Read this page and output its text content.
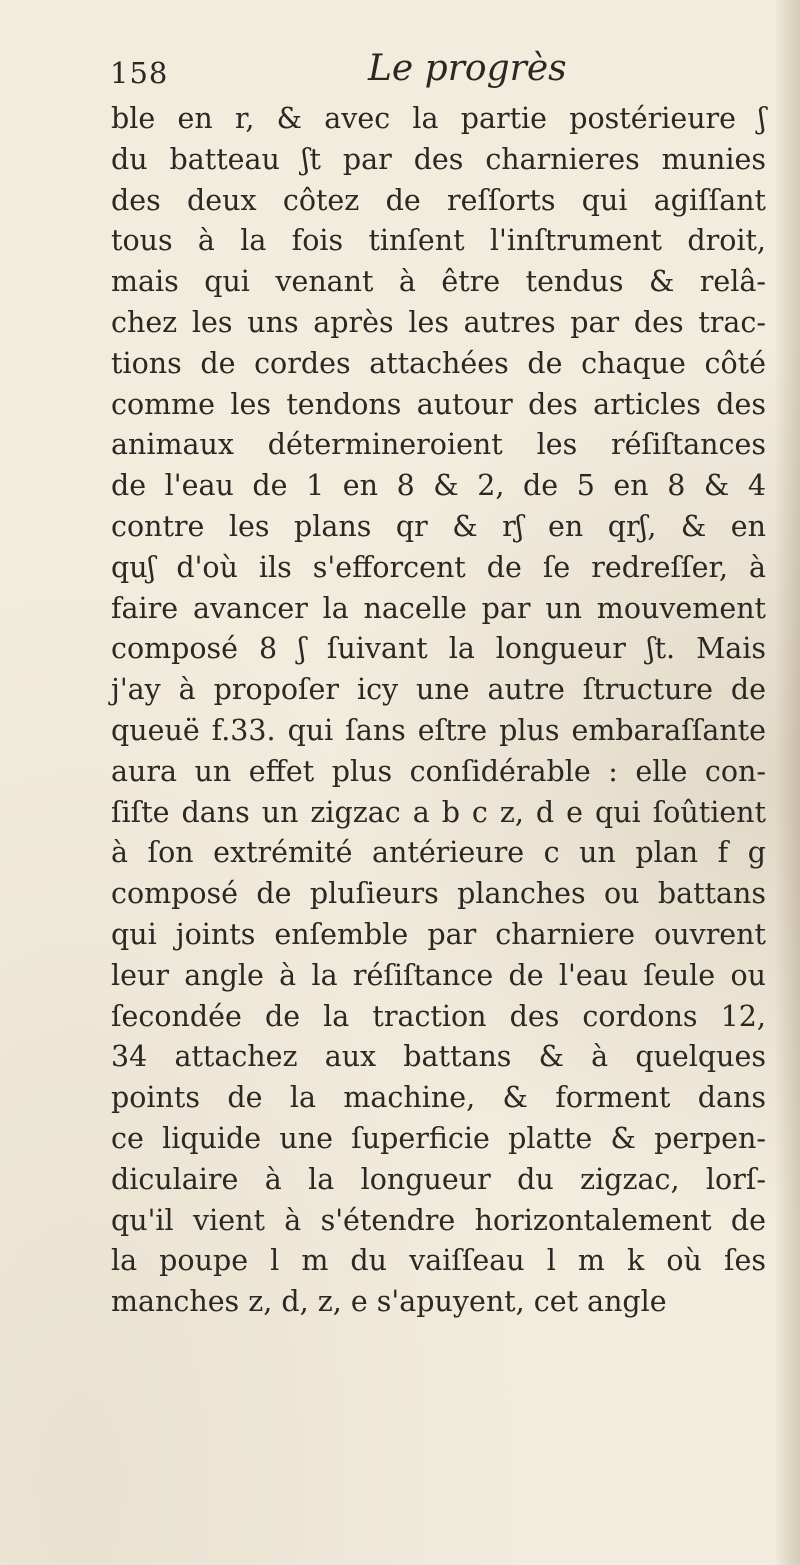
158	Le progrès
ble en r, & avec la partie postérieure ʃ
du batteau ʃt par des charnieres munies
des deux côtez de reſſorts qui agiſſant
tous à la fois tinſent l'inſtrument droit,
mais qui venant à être tendus & relâ-
chez les uns après les autres par des trac-
tions de cordes attachées de chaque côté
comme les tendons autour des articles des
animaux détermineroient les réſiſtances
de l'eau de 1 en 8 & 2, de 5 en 8 & 4
contre les plans qr & rʃ en qrʃ, & en
quʃ d'où ils s'efforcent de ſe redreſſer, à
faire avancer la nacelle par un mouvement
composé 8 ʃ ſuivant la longueur ʃt. Mais
j'ay à propoſer icy une autre ſtructure de
queuë f.33. qui ſans eſtre plus embaraſſante
aura un effet plus conſidérable : elle con-
ſiſte dans un zigzac a b c z, d e qui ſoûtient
à ſon extrémité antérieure c un plan f g
composé de pluſieurs planches ou battans
qui joints enſemble par charniere ouvrent
leur angle à la réſiſtance de l'eau ſeule ou
ſecondée de la traction des cordons 12,
34 attachez aux battans & à quelques
points de la machine, & forment dans
ce liquide une ſuperficie platte & perpen-
diculaire à la longueur du zigzac, lorſ-
qu'il vient à s'étendre horizontalement de
la poupe l m du vaiſſeau l m k où ſes
manches z, d, z, e s'apuyent, cet angle
